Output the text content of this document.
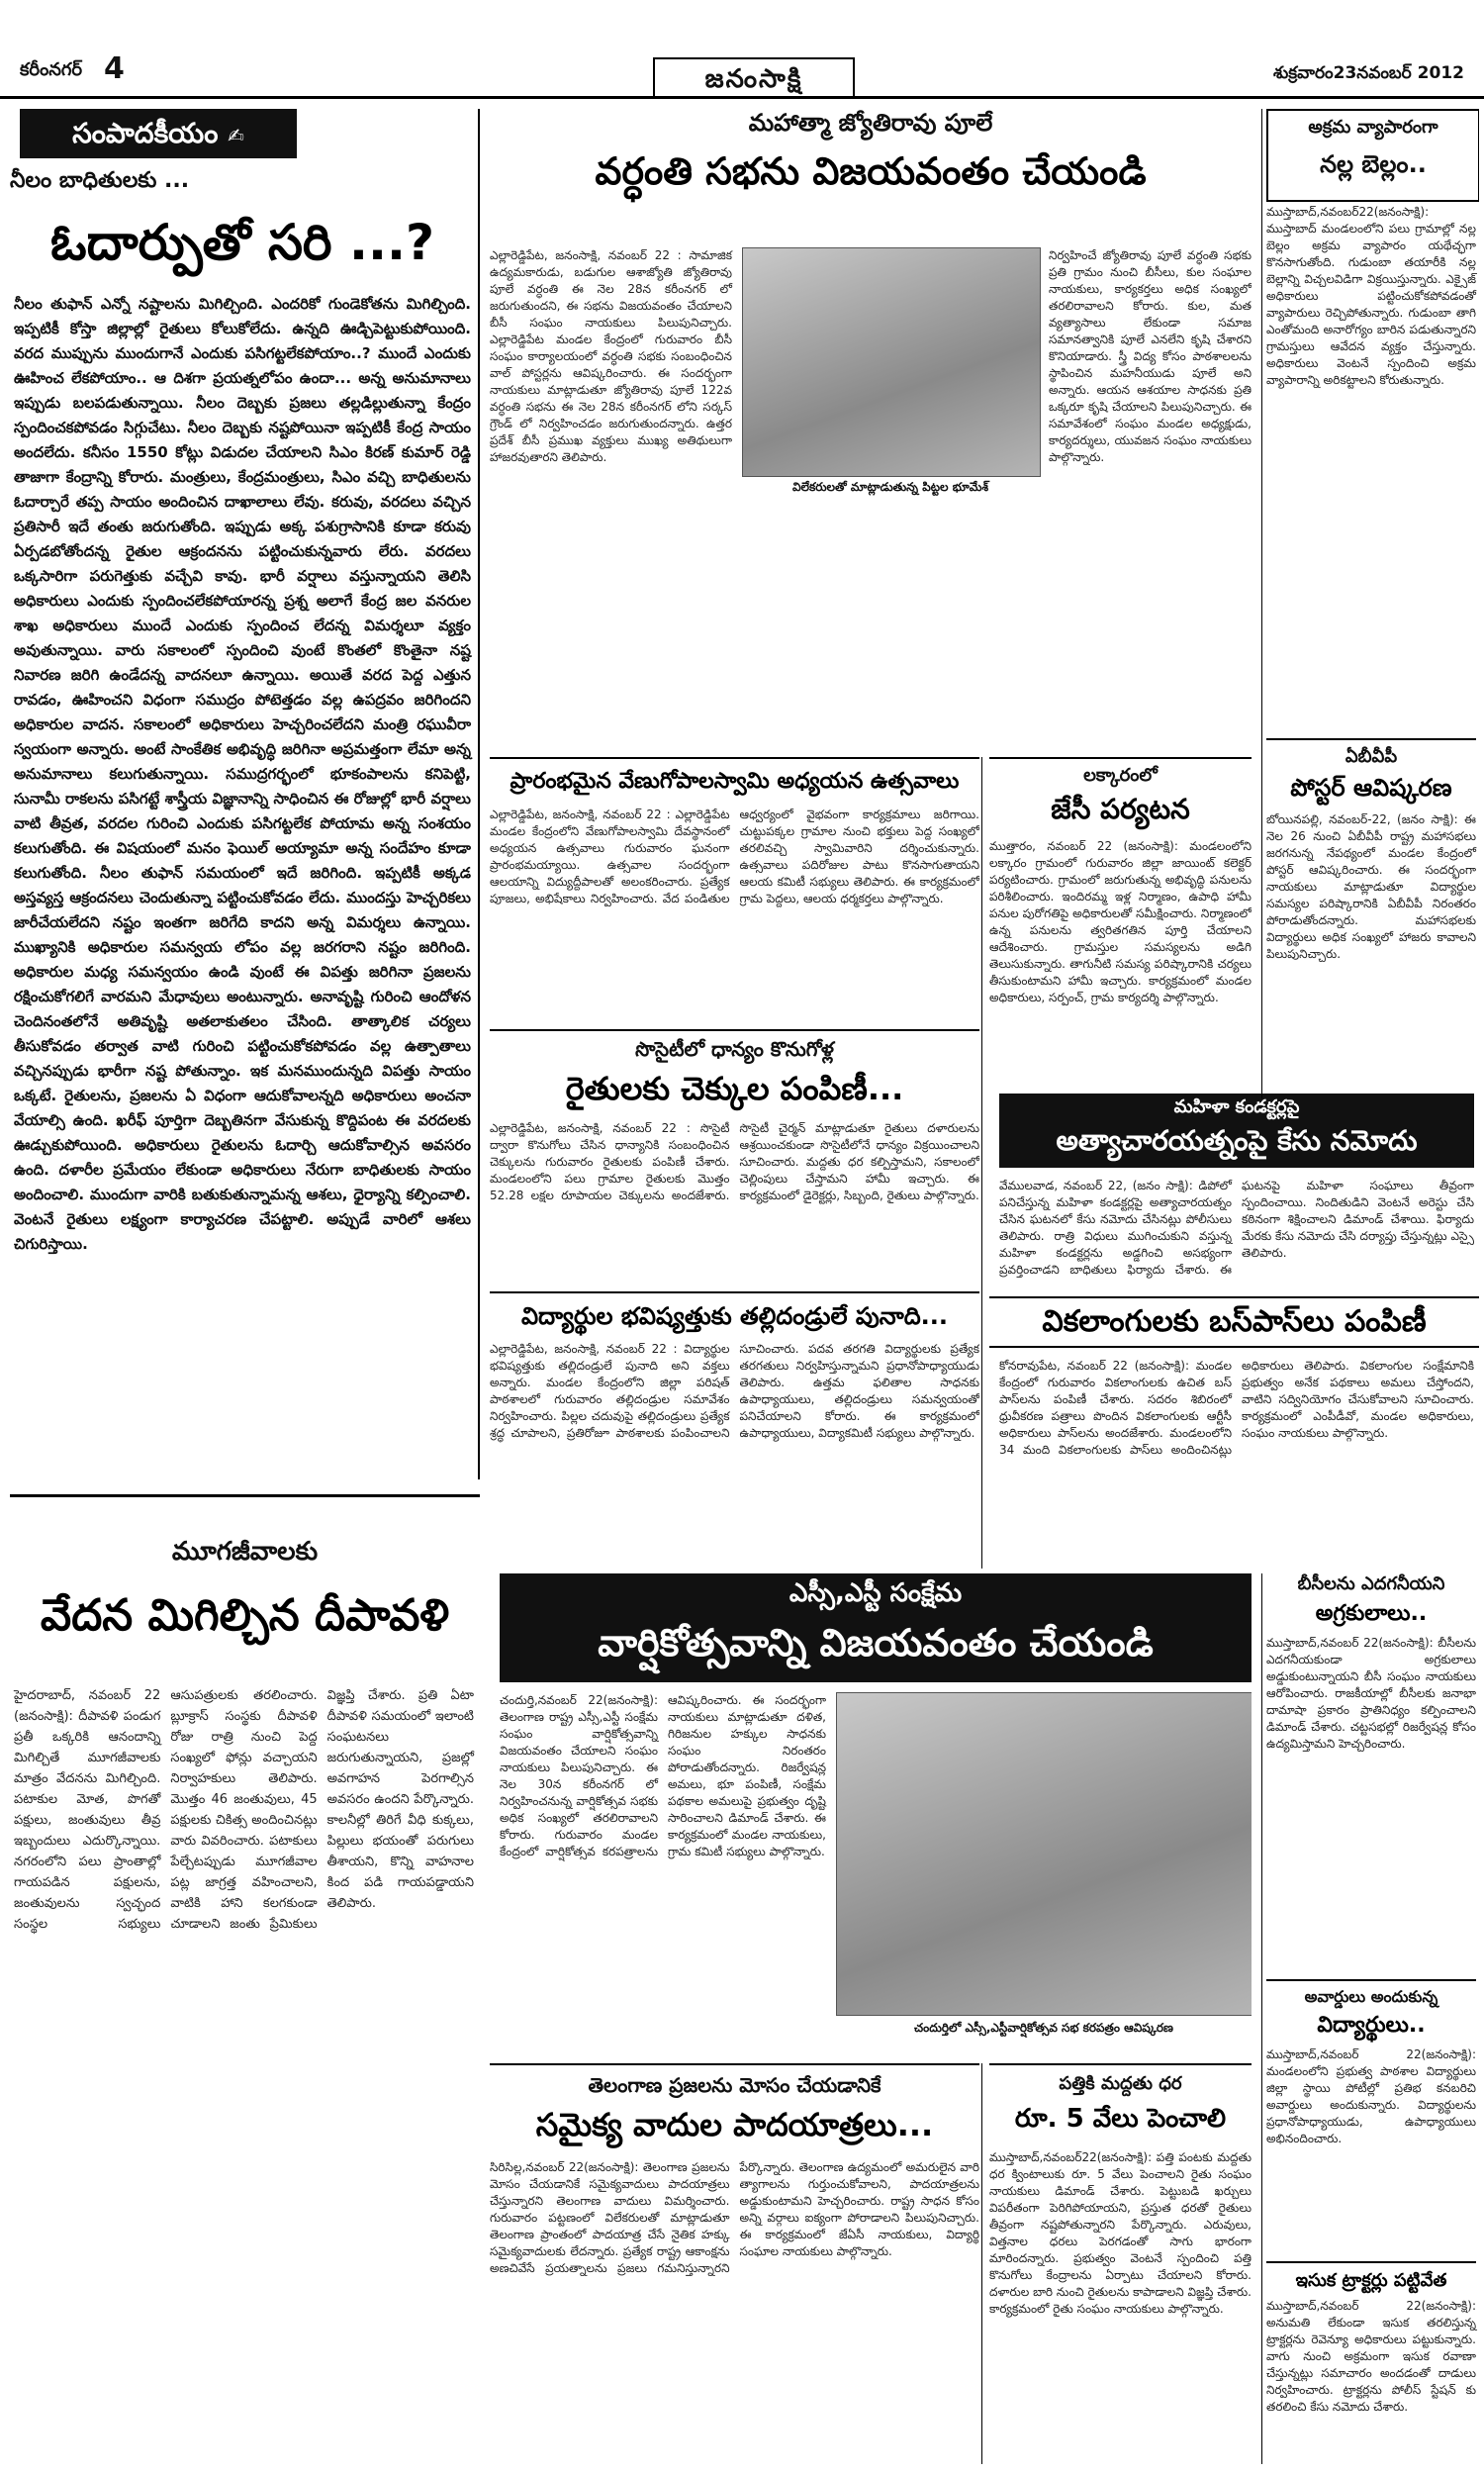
కరీంనగర్ 4	జనంసాక్షి	శుక్రవారం23నవంబర్ 2012
సంపాదకీయం ✍
నీలం బాధితులకు ...
ఓదార్పుతో సరి ...?
నీలం తుఫాన్ ఎన్నో నష్టాలను మిగిల్చింది. ఎందరికో గుండెకోతను మిగిల్చింది. ఇప్పటికీ కోస్తా జిల్లాల్లో రైతులు కోలుకోలేదు. ఉన్నది ఊడ్చిపెట్టుకుపోయింది. వరద ముప్పును ముందుగానే ఎందుకు పసిగట్టలేకపోయాం..? ముందే ఎందుకు ఊహించ లేకపోయాం.. ఆ దిశగా ప్రయత్నలోపం ఉందా... అన్న అనుమానాలు ఇప్పుడు బలపడుతున్నాయి. నీలం దెబ్బకు ప్రజలు తల్లడిల్లుతున్నా కేంద్రం స్పందించకపోవడం సిగ్గుచేటు. నీలం దెబ్బకు నష్టపోయినా ఇప్పటికీ కేంద్ర సాయం అందలేదు. కనీసం 1550 కోట్లు విడుదల చేయాలని సిఎం కిరణ్ కుమార్ రెడ్డి తాజాగా కేంద్రాన్ని కోరారు. మంత్రులు, కేంద్రమంత్రులు, సిఎం వచ్చి బాధితులను ఓదార్చారే తప్ప సాయం అందించిన దాఖాలాలు లేవు. కరువు, వరదలు వచ్చిన ప్రతిసారీ ఇదే తంతు జరుగుతోంది. ఇప్పుడు అక్క పశుగ్రాసానికి కూడా కరువు ఏర్పడబోతోందన్న రైతుల ఆక్రందనను పట్టించుకున్నవారు లేరు. వరదలు ఒక్కసారిగా పరుగెత్తుకు వచ్చేవి కావు. భారీ వర్షాలు వస్తున్నాయని తెలిసి అధికారులు ఎందుకు స్పందించలేకపోయారన్న ప్రశ్న అలాగే కేంద్ర జల వనరుల శాఖ అధికారులు ముందే ఎందుకు స్పందించ లేదన్న విమర్శలూ వ్యక్తం అవుతున్నాయి. వారు సకాలంలో స్పందించి వుంటే కొంతలో కొంతైనా నష్ట నివారణ జరిగి ఉండేదన్న వాదనలూ ఉన్నాయి. అయితే వరద పెద్ద ఎత్తున రావడం, ఊహించని విధంగా సముద్రం పోటెత్తడం వల్ల ఉపద్రవం జరిగిందని అధికారుల వాదన. సకాలంలో అధికారులు హెచ్చరించలేదని మంత్రి రఘువీరా స్వయంగా అన్నారు. అంటే సాంకేతిక అభివృద్ధి జరిగినా అప్రమత్తంగా లేమా అన్న అనుమానాలు కలుగుతున్నాయి. సముద్రగర్భంలో భూకంపాలను కనిపెట్టి, సునామీ రాకలను పసిగట్టే శాస్త్రీయ విజ్ఞానాన్ని సాధించిన ఈ రోజుల్లో భారీ వర్షాలు వాటి తీవ్రత, వరదల గురించి ఎందుకు పసిగట్టలేక పోయామ అన్న సంశయం కలుగుతోంది. ఈ విషయంలో మనం ఫెయిల్ అయ్యామా అన్న సందేహం కూడా కలుగుతోంది. నీలం తుఫాన్ సమయంలో ఇదే జరిగింది. ఇప్పటికీ అక్కడ అస్తవ్యస్త ఆక్రందనలు చెందుతున్నా పట్టించుకోవడం లేదు. ముందస్తు హెచ్చరికలు జారీచేయలేదని నష్టం ఇంతగా జరిగేది కాదని అన్న విమర్శలు ఉన్నాయి. ముఖ్యానికి అధికారుల సమన్వయ లోపం వల్ల జరగరాని నష్టం జరిగింది. అధికారుల మధ్య సమన్వయం ఉండి వుంటే ఈ విపత్తు జరిగినా ప్రజలను రక్షించుకోగలిగే వారమని మేధావులు అంటున్నారు. అనావృష్టి గురించి ఆందోళన చెందినంతలోనే అతివృష్టి అతలాకుతలం చేసింది. తాత్కాలిక చర్యలు తీసుకోవడం తర్వాత వాటి గురించి పట్టించుకోకపోవడం వల్ల ఉత్పాతాలు వచ్చినప్పుడు భారీగా నష్ట పోతున్నాం. ఇక మనముందున్నది విపత్తు సాయం ఒక్కటే. రైతులను, ప్రజలను ఏ విధంగా ఆదుకోవాలన్నది అధికారులు అంచనా వేయాల్సి ఉంది. ఖరీఫ్ పూర్తిగా దెబ్బతినగా వేసుకున్న కొద్దిపంట ఈ వరదలకు ఊడ్చుకుపోయింది. అధికారులు రైతులను ఓదార్చి ఆదుకోవాల్సిన అవసరం ఉంది. దళారీల ప్రమేయం లేకుండా అధికారులు నేరుగా బాధితులకు సాయం అందించాలి. ముందుగా వారికి బతుకుతున్నామన్న ఆశలు, ధైర్యాన్ని కల్పించాలి. వెంటనే రైతులు లక్ష్యంగా కార్యాచరణ చేపట్టాలి. అప్పుడే వారిలో ఆశలు చిగురిస్తాయి.
మూగజీవాలకు
వేదన మిగిల్చిన దీపావళి
హైదరాబాద్, నవంబర్ 22 (జనంసాక్షి): దీపావళి పండుగ ప్రతీ ఒక్కరికి ఆనందాన్ని మిగిల్చితే మూగజీవాలకు మాత్రం వేదనను మిగిల్చింది. పటాకుల మోత, పొగతో పక్షులు, జంతువులు తీవ్ర ఇబ్బందులు ఎదుర్కొన్నాయి. నగరంలోని పలు ప్రాంతాల్లో గాయపడిన పక్షులను, జంతువులను స్వచ్ఛంద సంస్థల సభ్యులు ఆసుపత్రులకు తరలించారు. బ్లూక్రాస్ సంస్థకు దీపావళి రోజు రాత్రి నుంచి పెద్ద సంఖ్యలో ఫోన్లు వచ్చాయని నిర్వాహకులు తెలిపారు. మొత్తం 46 జంతువులు, 45 పక్షులకు చికిత్స అందించినట్లు వారు వివరించారు. పటాకులు పేల్చేటప్పుడు మూగజీవాల పట్ల జాగ్రత్త వహించాలని, వాటికి హాని కలగకుండా చూడాలని జంతు ప్రేమికులు విజ్ఞప్తి చేశారు. ప్రతి ఏటా దీపావళి సమయంలో ఇలాంటి సంఘటనలు జరుగుతున్నాయని, ప్రజల్లో అవగాహన పెరగాల్సిన అవసరం ఉందని పేర్కొన్నారు. కాలనీల్లో తిరిగే వీధి కుక్కలు, పిల్లులు భయంతో పరుగులు తీశాయని, కొన్ని వాహనాల కింద పడి గాయపడ్డాయని తెలిపారు.
మహాత్మా జ్యోతిరావు పూలే
వర్ధంతి సభను విజయవంతం చేయండి
ఎల్లారెడ్డిపేట, జనంసాక్షి, నవంబర్ 22 : సామాజిక ఉద్యమకారుడు, బడుగుల ఆశాజ్యోతి జ్యోతిరావు పూలే వర్ధంతి ఈ నెల 28న కరీంనగర్ లో జరుగుతుందని, ఈ సభను విజయవంతం చేయాలని బీసీ సంఘం నాయకులు పిలుపునిచ్చారు. ఎల్లారెడ్డిపేట మండల కేంద్రంలో గురువారం బీసీ సంఘం కార్యాలయంలో వర్ధంతి సభకు సంబంధించిన వాల్ పోస్టర్లను ఆవిష్కరించారు. ఈ సందర్భంగా నాయకులు మాట్లాడుతూ జ్యోతిరావు పూలే 122వ వర్ధంతి సభను ఈ నెల 28న కరీంనగర్ లోని సర్కస్ గ్రౌండ్ లో నిర్వహించడం జరుగుతుందన్నారు. ఉత్తర ప్రదేశ్ బీసీ ప్రముఖ వ్యక్తులు ముఖ్య అతిథులుగా హాజరవుతారని తెలిపారు.
విలేకరులతో మాట్లాడుతున్న పిట్టల భూమేశ్
నిర్వహించే జ్యోతిరావు పూలే వర్ధంతి సభకు ప్రతి గ్రామం నుంచి బీసీలు, కుల సంఘాల నాయకులు, కార్యకర్తలు అధిక సంఖ్యలో తరలిరావాలని కోరారు. కుల, మత వ్యత్యాసాలు లేకుండా సమాజ సమానత్వానికి పూలే ఎనలేని కృషి చేశారని కొనియాడారు. స్త్రీ విద్య కోసం పాఠశాలలను స్థాపించిన మహనీయుడు పూలే అని అన్నారు. ఆయన ఆశయాల సాధనకు ప్రతి ఒక్కరూ కృషి చేయాలని పిలుపునిచ్చారు. ఈ సమావేశంలో సంఘం మండల అధ్యక్షుడు, కార్యదర్శులు, యువజన సంఘం నాయకులు పాల్గొన్నారు.
ప్రారంభమైన వేణుగోపాలస్వామి అధ్యయన ఉత్సవాలు
ఎల్లారెడ్డిపేట, జనంసాక్షి, నవంబర్ 22 : ఎల్లారెడ్డిపేట మండల కేంద్రంలోని వేణుగోపాలస్వామి దేవస్థానంలో అధ్యయన ఉత్సవాలు గురువారం ఘనంగా ప్రారంభమయ్యాయి. ఉత్సవాల సందర్భంగా ఆలయాన్ని విద్యుద్దీపాలతో అలంకరించారు. ప్రత్యేక పూజలు, అభిషేకాలు నిర్వహించారు. వేద పండితుల ఆధ్వర్యంలో వైభవంగా కార్యక్రమాలు జరిగాయి. చుట్టుపక్కల గ్రామాల నుంచి భక్తులు పెద్ద సంఖ్యలో తరలివచ్చి స్వామివారిని దర్శించుకున్నారు. ఉత్సవాలు పదిరోజుల పాటు కొనసాగుతాయని ఆలయ కమిటీ సభ్యులు తెలిపారు. ఈ కార్యక్రమంలో గ్రామ పెద్దలు, ఆలయ ధర్మకర్తలు పాల్గొన్నారు.
సొసైటీలో ధాన్యం కొనుగోళ్ల
రైతులకు చెక్కుల పంపిణీ...
ఎల్లారెడ్డిపేట, జనంసాక్షి, నవంబర్ 22 : సొసైటీ ద్వారా కొనుగోలు చేసిన ధాన్యానికి సంబంధించిన చెక్కులను గురువారం రైతులకు పంపిణీ చేశారు. మండలంలోని పలు గ్రామాల రైతులకు మొత్తం 52.28 లక్షల రూపాయల చెక్కులను అందజేశారు. సొసైటీ చైర్మన్ మాట్లాడుతూ రైతులు దళారులను ఆశ్రయించకుండా సొసైటీలోనే ధాన్యం విక్రయించాలని సూచించారు. మద్దతు ధర కల్పిస్తామని, సకాలంలో చెల్లింపులు చేస్తామని హామీ ఇచ్చారు. ఈ కార్యక్రమంలో డైరెక్టర్లు, సిబ్బంది, రైతులు పాల్గొన్నారు.
లక్కారంలో
జేసీ పర్యటన
ముత్తారం, నవంబర్ 22 (జనంసాక్షి): మండలంలోని లక్కారం గ్రామంలో గురువారం జిల్లా జాయింట్ కలెక్టర్ పర్యటించారు. గ్రామంలో జరుగుతున్న అభివృద్ధి పనులను పరిశీలించారు. ఇందిరమ్మ ఇళ్ల నిర్మాణం, ఉపాధి హామీ పనుల పురోగతిపై అధికారులతో సమీక్షించారు. నిర్మాణంలో ఉన్న పనులను త్వరితగతిన పూర్తి చేయాలని ఆదేశించారు. గ్రామస్తుల సమస్యలను అడిగి తెలుసుకున్నారు. తాగునీటి సమస్య పరిష్కారానికి చర్యలు తీసుకుంటామని హామీ ఇచ్చారు. కార్యక్రమంలో మండల అధికారులు, సర్పంచ్, గ్రామ కార్యదర్శి పాల్గొన్నారు.
మహిళా కండక్టర్లపై
అత్యాచారయత్నంపై కేసు నమోదు
వేములవాడ, నవంబర్ 22, (జనం సాక్షి): డిపోలో పనిచేస్తున్న మహిళా కండక్టర్లపై అత్యాచారయత్నం చేసిన ఘటనలో కేసు నమోదు చేసినట్లు పోలీసులు తెలిపారు. రాత్రి విధులు ముగించుకుని వస్తున్న మహిళా కండక్టర్లను అడ్డగించి అసభ్యంగా ప్రవర్తించాడని బాధితులు ఫిర్యాదు చేశారు. ఈ ఘటనపై మహిళా సంఘాలు తీవ్రంగా స్పందించాయి. నిందితుడిని వెంటనే అరెస్టు చేసి కఠినంగా శిక్షించాలని డిమాండ్ చేశాయి. ఫిర్యాదు మేరకు కేసు నమోదు చేసి దర్యాప్తు చేస్తున్నట్లు ఎస్సై తెలిపారు.
విద్యార్థుల భవిష్యత్తుకు తల్లిదండ్రులే పునాది...
ఎల్లారెడ్డిపేట, జనంసాక్షి, నవంబర్ 22 : విద్యార్థుల భవిష్యత్తుకు తల్లిదండ్రులే పునాది అని వక్తలు అన్నారు. మండల కేంద్రంలోని జిల్లా పరిషత్ పాఠశాలలో గురువారం తల్లిదండ్రుల సమావేశం నిర్వహించారు. పిల్లల చదువుపై తల్లిదండ్రులు ప్రత్యేక శ్రద్ధ చూపాలని, ప్రతిరోజూ పాఠశాలకు పంపించాలని సూచించారు. పదవ తరగతి విద్యార్థులకు ప్రత్యేక తరగతులు నిర్వహిస్తున్నామని ప్రధానోపాధ్యాయుడు తెలిపారు. ఉత్తమ ఫలితాల సాధనకు ఉపాధ్యాయులు, తల్లిదండ్రులు సమన్వయంతో పనిచేయాలని కోరారు. ఈ కార్యక్రమంలో ఉపాధ్యాయులు, విద్యాకమిటీ సభ్యులు పాల్గొన్నారు.
వికలాంగులకు బస్‌పాస్‌లు పంపిణీ
కోనరావుపేట, నవంబర్ 22 (జనంసాక్షి): మండల కేంద్రంలో గురువారం వికలాంగులకు ఉచిత బస్ పాస్‌లను పంపిణీ చేశారు. సదరం శిబిరంలో ధ్రువీకరణ పత్రాలు పొందిన వికలాంగులకు ఆర్టీసీ అధికారులు పాస్‌లను అందజేశారు. మండలంలోని 34 మంది వికలాంగులకు పాస్‌లు అందించినట్లు అధికారులు తెలిపారు. వికలాంగుల సంక్షేమానికి ప్రభుత్వం అనేక పథకాలు అమలు చేస్తోందని, వాటిని సద్వినియోగం చేసుకోవాలని సూచించారు. కార్యక్రమంలో ఎంపీడీవో, మండల అధికారులు, సంఘం నాయకులు పాల్గొన్నారు.
ఎస్సీ,ఎస్టీ సంక్షేమ
వార్షికోత్సవాన్ని విజయవంతం చేయండి
చందుర్తి,నవంబర్ 22(జనంసాక్షి): తెలంగాణ రాష్ట్ర ఎస్సీ,ఎస్టీ సంక్షేమ సంఘం వార్షికోత్సవాన్ని విజయవంతం చేయాలని సంఘం నాయకులు పిలుపునిచ్చారు. ఈ నెల 30న కరీంనగర్ లో నిర్వహించనున్న వార్షికోత్సవ సభకు అధిక సంఖ్యలో తరలిరావాలని కోరారు. గురువారం మండల కేంద్రంలో వార్షికోత్సవ కరపత్రాలను ఆవిష్కరించారు. ఈ సందర్భంగా నాయకులు మాట్లాడుతూ దళిత, గిరిజనుల హక్కుల సాధనకు సంఘం నిరంతరం పోరాడుతోందన్నారు. రిజర్వేషన్ల అమలు, భూ పంపిణీ, సంక్షేమ పథకాల అమలుపై ప్రభుత్వం దృష్టి సారించాలని డిమాండ్ చేశారు. ఈ కార్యక్రమంలో మండల నాయకులు, గ్రామ కమిటీ సభ్యులు పాల్గొన్నారు.
చందుర్తిలో ఎస్సీ,ఎస్టీవార్షికోత్సవ సభ కరపత్రం ఆవిష్కరణ
తెలంగాణ ప్రజలను మోసం చేయడానికే
సమైక్య వాదుల పాదయాత్రలు...
సిరిసిల్ల,నవంబర్ 22(జనంసాక్షి): తెలంగాణ ప్రజలను మోసం చేయడానికే సమైక్యవాదులు పాదయాత్రలు చేస్తున్నారని తెలంగాణ వాదులు విమర్శించారు. గురువారం పట్టణంలో విలేకరులతో మాట్లాడుతూ తెలంగాణ ప్రాంతంలో పాదయాత్ర చేసే నైతిక హక్కు సమైక్యవాదులకు లేదన్నారు. ప్రత్యేక రాష్ట్ర ఆకాంక్షను అణచివేసే ప్రయత్నాలను ప్రజలు గమనిస్తున్నారని పేర్కొన్నారు. తెలంగాణ ఉద్యమంలో అమరులైన వారి త్యాగాలను గుర్తుంచుకోవాలని, పాదయాత్రలను అడ్డుకుంటామని హెచ్చరించారు. రాష్ట్ర సాధన కోసం అన్ని వర్గాలు ఐక్యంగా పోరాడాలని పిలుపునిచ్చారు. ఈ కార్యక్రమంలో జేఏసీ నాయకులు, విద్యార్థి సంఘాల నాయకులు పాల్గొన్నారు.
పత్తికి మద్దతు ధర
రూ. 5 వేలు పెంచాలి
ముస్తాబాద్,నవంబర్22(జనంసాక్షి): పత్తి పంటకు మద్దతు ధర క్వింటాలుకు రూ. 5 వేలు పెంచాలని రైతు సంఘం నాయకులు డిమాండ్ చేశారు. పెట్టుబడి ఖర్చులు విపరీతంగా పెరిగిపోయాయని, ప్రస్తుత ధరతో రైతులు తీవ్రంగా నష్టపోతున్నారని పేర్కొన్నారు. ఎరువులు, విత్తనాల ధరలు పెరగడంతో సాగు భారంగా మారిందన్నారు. ప్రభుత్వం వెంటనే స్పందించి పత్తి కొనుగోలు కేంద్రాలను ఏర్పాటు చేయాలని కోరారు. దళారుల బారి నుంచి రైతులను కాపాడాలని విజ్ఞప్తి చేశారు. కార్యక్రమంలో రైతు సంఘం నాయకులు పాల్గొన్నారు.
అక్రమ వ్యాపారంగా
నల్ల బెల్లం..
ముస్తాబాద్,నవంబర్22(జనంసాక్షి): ముస్తాబాద్ మండలంలోని పలు గ్రామాల్లో నల్ల బెల్లం అక్రమ వ్యాపారం యథేచ్ఛగా కొనసాగుతోంది. గుడుంబా తయారీకి నల్ల బెల్లాన్ని విచ్చలవిడిగా విక్రయిస్తున్నారు. ఎక్సైజ్ అధికారులు పట్టించుకోకపోవడంతో వ్యాపారులు రెచ్చిపోతున్నారు. గుడుంబా తాగి ఎంతోమంది అనారోగ్యం బారిన పడుతున్నారని గ్రామస్తులు ఆవేదన వ్యక్తం చేస్తున్నారు. అధికారులు వెంటనే స్పందించి అక్రమ వ్యాపారాన్ని అరికట్టాలని కోరుతున్నారు.
ఏబీవీపీ
పోస్టర్ ఆవిష్కరణ
బోయినపల్లి, నవంబర్-22, (జనం సాక్షి): ఈ నెల 26 నుంచి ఏబీవీపీ రాష్ట్ర మహాసభలు జరగనున్న నేపథ్యంలో మండల కేంద్రంలో పోస్టర్ ఆవిష్కరించారు. ఈ సందర్భంగా నాయకులు మాట్లాడుతూ విద్యార్థుల సమస్యల పరిష్కారానికి ఏబీవీపీ నిరంతరం పోరాడుతోందన్నారు. మహాసభలకు విద్యార్థులు అధిక సంఖ్యలో హాజరు కావాలని పిలుపునిచ్చారు.
బీసీలను ఎదగనీయని
అగ్రకులాలు..
ముస్తాబాద్,నవంబర్ 22(జనంసాక్షి): బీసీలను ఎదగనీయకుండా అగ్రకులాలు అడ్డుకుంటున్నాయని బీసీ సంఘం నాయకులు ఆరోపించారు. రాజకీయాల్లో బీసీలకు జనాభా దామాషా ప్రకారం ప్రాతినిధ్యం కల్పించాలని డిమాండ్ చేశారు. చట్టసభల్లో రిజర్వేషన్ల కోసం ఉద్యమిస్తామని హెచ్చరించారు.
అవార్డులు అందుకున్న
విద్యార్థులు..
ముస్తాబాద్,నవంబర్ 22(జనంసాక్షి): మండలంలోని ప్రభుత్వ పాఠశాల విద్యార్థులు జిల్లా స్థాయి పోటీల్లో ప్రతిభ కనబరిచి అవార్డులు అందుకున్నారు. విద్యార్థులను ప్రధానోపాధ్యాయుడు, ఉపాధ్యాయులు అభినందించారు.
ఇసుక ట్రాక్టర్లు పట్టివేత
ముస్తాబాద్,నవంబర్ 22(జనంసాక్షి): అనుమతి లేకుండా ఇసుక తరలిస్తున్న ట్రాక్టర్లను రెవెన్యూ అధికారులు పట్టుకున్నారు. వాగు నుంచి అక్రమంగా ఇసుక రవాణా చేస్తున్నట్లు సమాచారం అందడంతో దాడులు నిర్వహించారు. ట్రాక్టర్లను పోలీస్ స్టేషన్ కు తరలించి కేసు నమోదు చేశారు.
